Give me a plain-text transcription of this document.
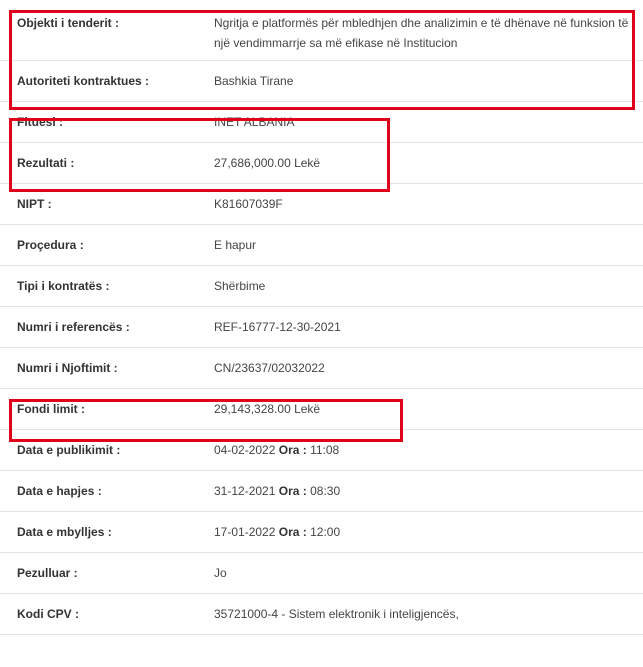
Objekti i tenderit :	Ngritja e platformës për mbledhjen dhe analizimin e të dhënave në funksion të një vendimmarrje sa më efikase në Institucion
Autoriteti kontraktues :	Bashkia Tirane
Fituesi :	INET ALBANIA
Rezultati :	27,686,000.00 Lekë
NIPT :	K81607039F
Proçedura :	E hapur
Tipi i kontratës :	Shërbime
Numri i referencës :	REF-16777-12-30-2021
Numri i Njoftimit :	CN/23637/02032022
Fondi limit :	29,143,328.00 Lekë
Data e publikimit :	04-02-2022 Ora : 11:08
Data e hapjes :	31-12-2021 Ora : 08:30
Data e mbylljes :	17-01-2022 Ora : 12:00
Pezulluar :	Jo
Kodi CPV :	35721000-4 - Sistem elektronik i inteligjencës,
